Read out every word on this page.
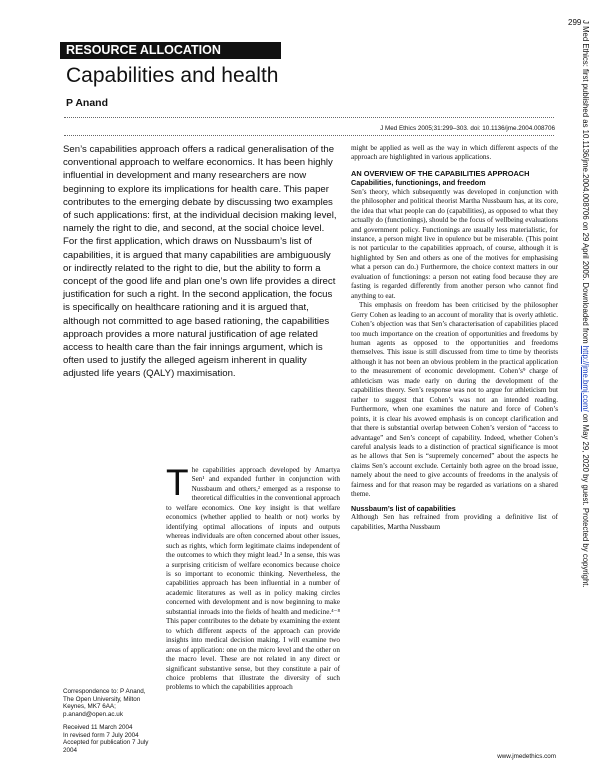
299
RESOURCE ALLOCATION
Capabilities and health
P Anand
J Med Ethics 2005;31:299–303. doi: 10.1136/jme.2004.008706

Sen’s capabilities approach offers a radical generalisation of the conventional approach to welfare economics. It has been highly influential in development and many researchers are now beginning to explore its implications for health care. This paper contributes to the emerging debate by discussing two examples of such applications: first, at the individual decision making level, namely the right to die, and second, at the social choice level. For the first application, which draws on Nussbaum’s list of capabilities, it is argued that many capabilities are ambiguously or indirectly related to the right to die, but the ability to form a concept of the good life and plan one’s own life provides a direct justification for such a right. In the second application, the focus is specifically on healthcare rationing and it is argued that, although not committed to age based rationing, the capabilities approach provides a more natural justification of age related access to health care than the fair innings argument, which is often used to justify the alleged ageism inherent in quality adjusted life years (QALY) maximisation.

T he capabilities approach developed by Amartya Sen¹ and expanded further in conjunction with Nussbaum and others,² emerged as a response to theoretical difficulties in the conventional approach to welfare economics. One key insight is that welfare economics (whether applied to health or not) works by identifying optimal allocations of inputs and outputs whereas individuals are often concerned about other issues, such as rights, which form legitimate claims independent of the outcomes to which they might lead.³ In a sense, this was a surprising criticism of welfare economics because choice is so important to economic thinking. Nevertheless, the capabilities approach has been influential in a number of academic literatures as well as in policy making circles concerned with development and is now beginning to make substantial inroads into the fields of health and medicine.⁴⁻⁸ This paper contributes to the debate by examining the extent to which different aspects of the approach can provide insights into medical decision making. I will examine two areas of application: one on the micro level and the other on the macro level. These are not related in any direct or significant substantive sense, but they constitute a pair of choice problems that illustrate the diversity of such problems to which the capabilities approach

might be applied as well as the way in which different aspects of the approach are highlighted in various applications.

AN OVERVIEW OF THE CAPABILITIES APPROACH

Capabilities, functionings, and freedom

Sen’s theory, which subsequently was developed in conjunction with the philosopher and political theorist Martha Nussbaum has, at its core, the idea that what people can do (capabilities), as opposed to what they actually do (functionings), should be the focus of wellbeing evaluations and government policy. Functionings are usually less materialistic, for instance, a person might live in opulence but be miserable. (This point is not particular to the capabilities approach, of course, although it is highlighted by Sen and others as one of the motives for emphasising what a person can do.) Furthermore, the choice context matters in our evaluation of functionings: a person not eating food because they are fasting is regarded differently from another person who cannot find anything to eat.

This emphasis on freedom has been criticised by the philosopher Gerry Cohen as leading to an account of morality that is overly athletic. Cohen’s objection was that Sen’s characterisation of capabilities placed too much importance on the creation of opportunities and freedoms by human agents as opposed to the opportunities and freedoms themselves. This issue is still discussed from time to time by theorists although it has not been an obvious problem in the practical application to the measurement of economic development. Cohen’s⁹ charge of athleticism was made early on during the development of the capabilities theory. Sen’s response was not to argue for athleticism but rather to suggest that Cohen’s was not an intended reading. Furthermore, when one examines the nature and force of Cohen’s points, it is clear his avowed emphasis is on concept clarification and that there is substantial overlap between Cohen’s version of “access to advantage” and Sen’s concept of capability. Indeed, whether Cohen’s careful analysis leads to a distinction of practical significance is moot as he allows that Sen is “supremely concerned” about the aspects he claims Sen’s account exclude. Certainly both agree on the broad issue, namely about the need to give accounts of freedoms in the analysis of fairness and for that reason may be regarded as variations on a shared theme.

Nussbaum’s list of capabilities

Although Sen has refrained from providing a definitive list of capabilities, Martha Nussbaum

Correspondence to: P Anand, The Open University, Milton Keynes, MK7 6AA; p.anand@open.ac.uk

Received 11 March 2004

In revised form 7 July 2004

Accepted for publication 7 July 2004

J Med Ethics: first published as 10.1136/jme.2004.008706 on 29 April 2005. Downloaded from http://jme.bmj.com/ on May 29, 2020 by guest. Protected by copyright.
www.jmedethics.com
